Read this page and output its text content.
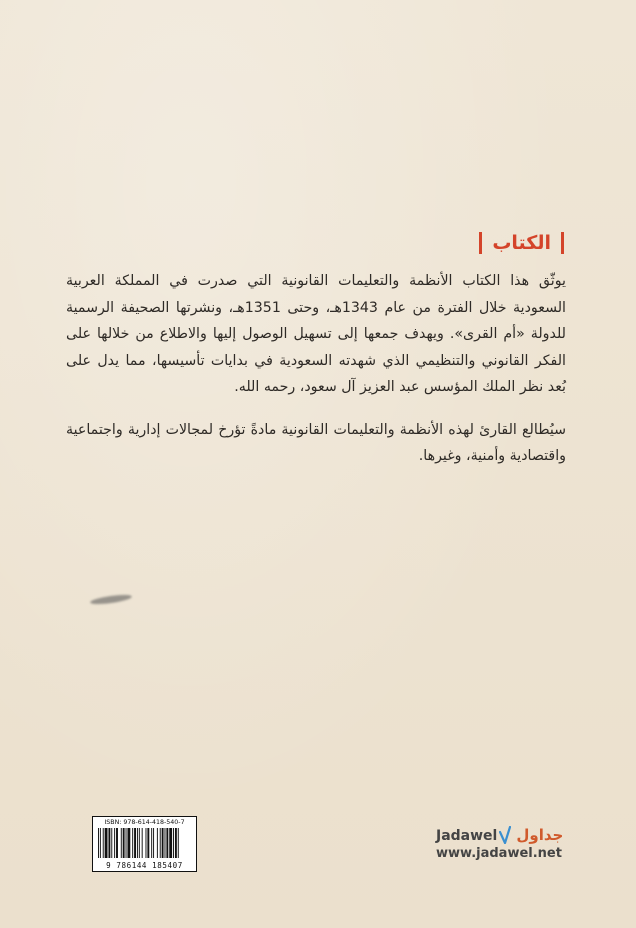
الكتاب

يوثّق هذا الكتاب الأنظمة والتعليمات القانونية التي صدرت في المملكة العربية السعودية خلال الفترة من عام 1343هـ، وحتى 1351هـ، ونشرتها الصحيفة الرسمية للدولة «أم القرى». ويهدف جمعها إلى تسهيل الوصول إليها والاطلاع من خلالها على الفكر القانوني والتنظيمي الذي شهدته السعودية في بدايات تأسيسها، مما يدل على بُعد نظر الملك المؤسس عبد العزيز آل سعود، رحمه الله.

سيُطالع القارئ لهذه الأنظمة والتعليمات القانونية مادةً تؤرخ لمجالات إدارية واجتماعية واقتصادية وأمنية، وغيرها.

ISBN: 978-614-418-540-7
9 786144 185407
Jadawel جداول
www.jadawel.net
